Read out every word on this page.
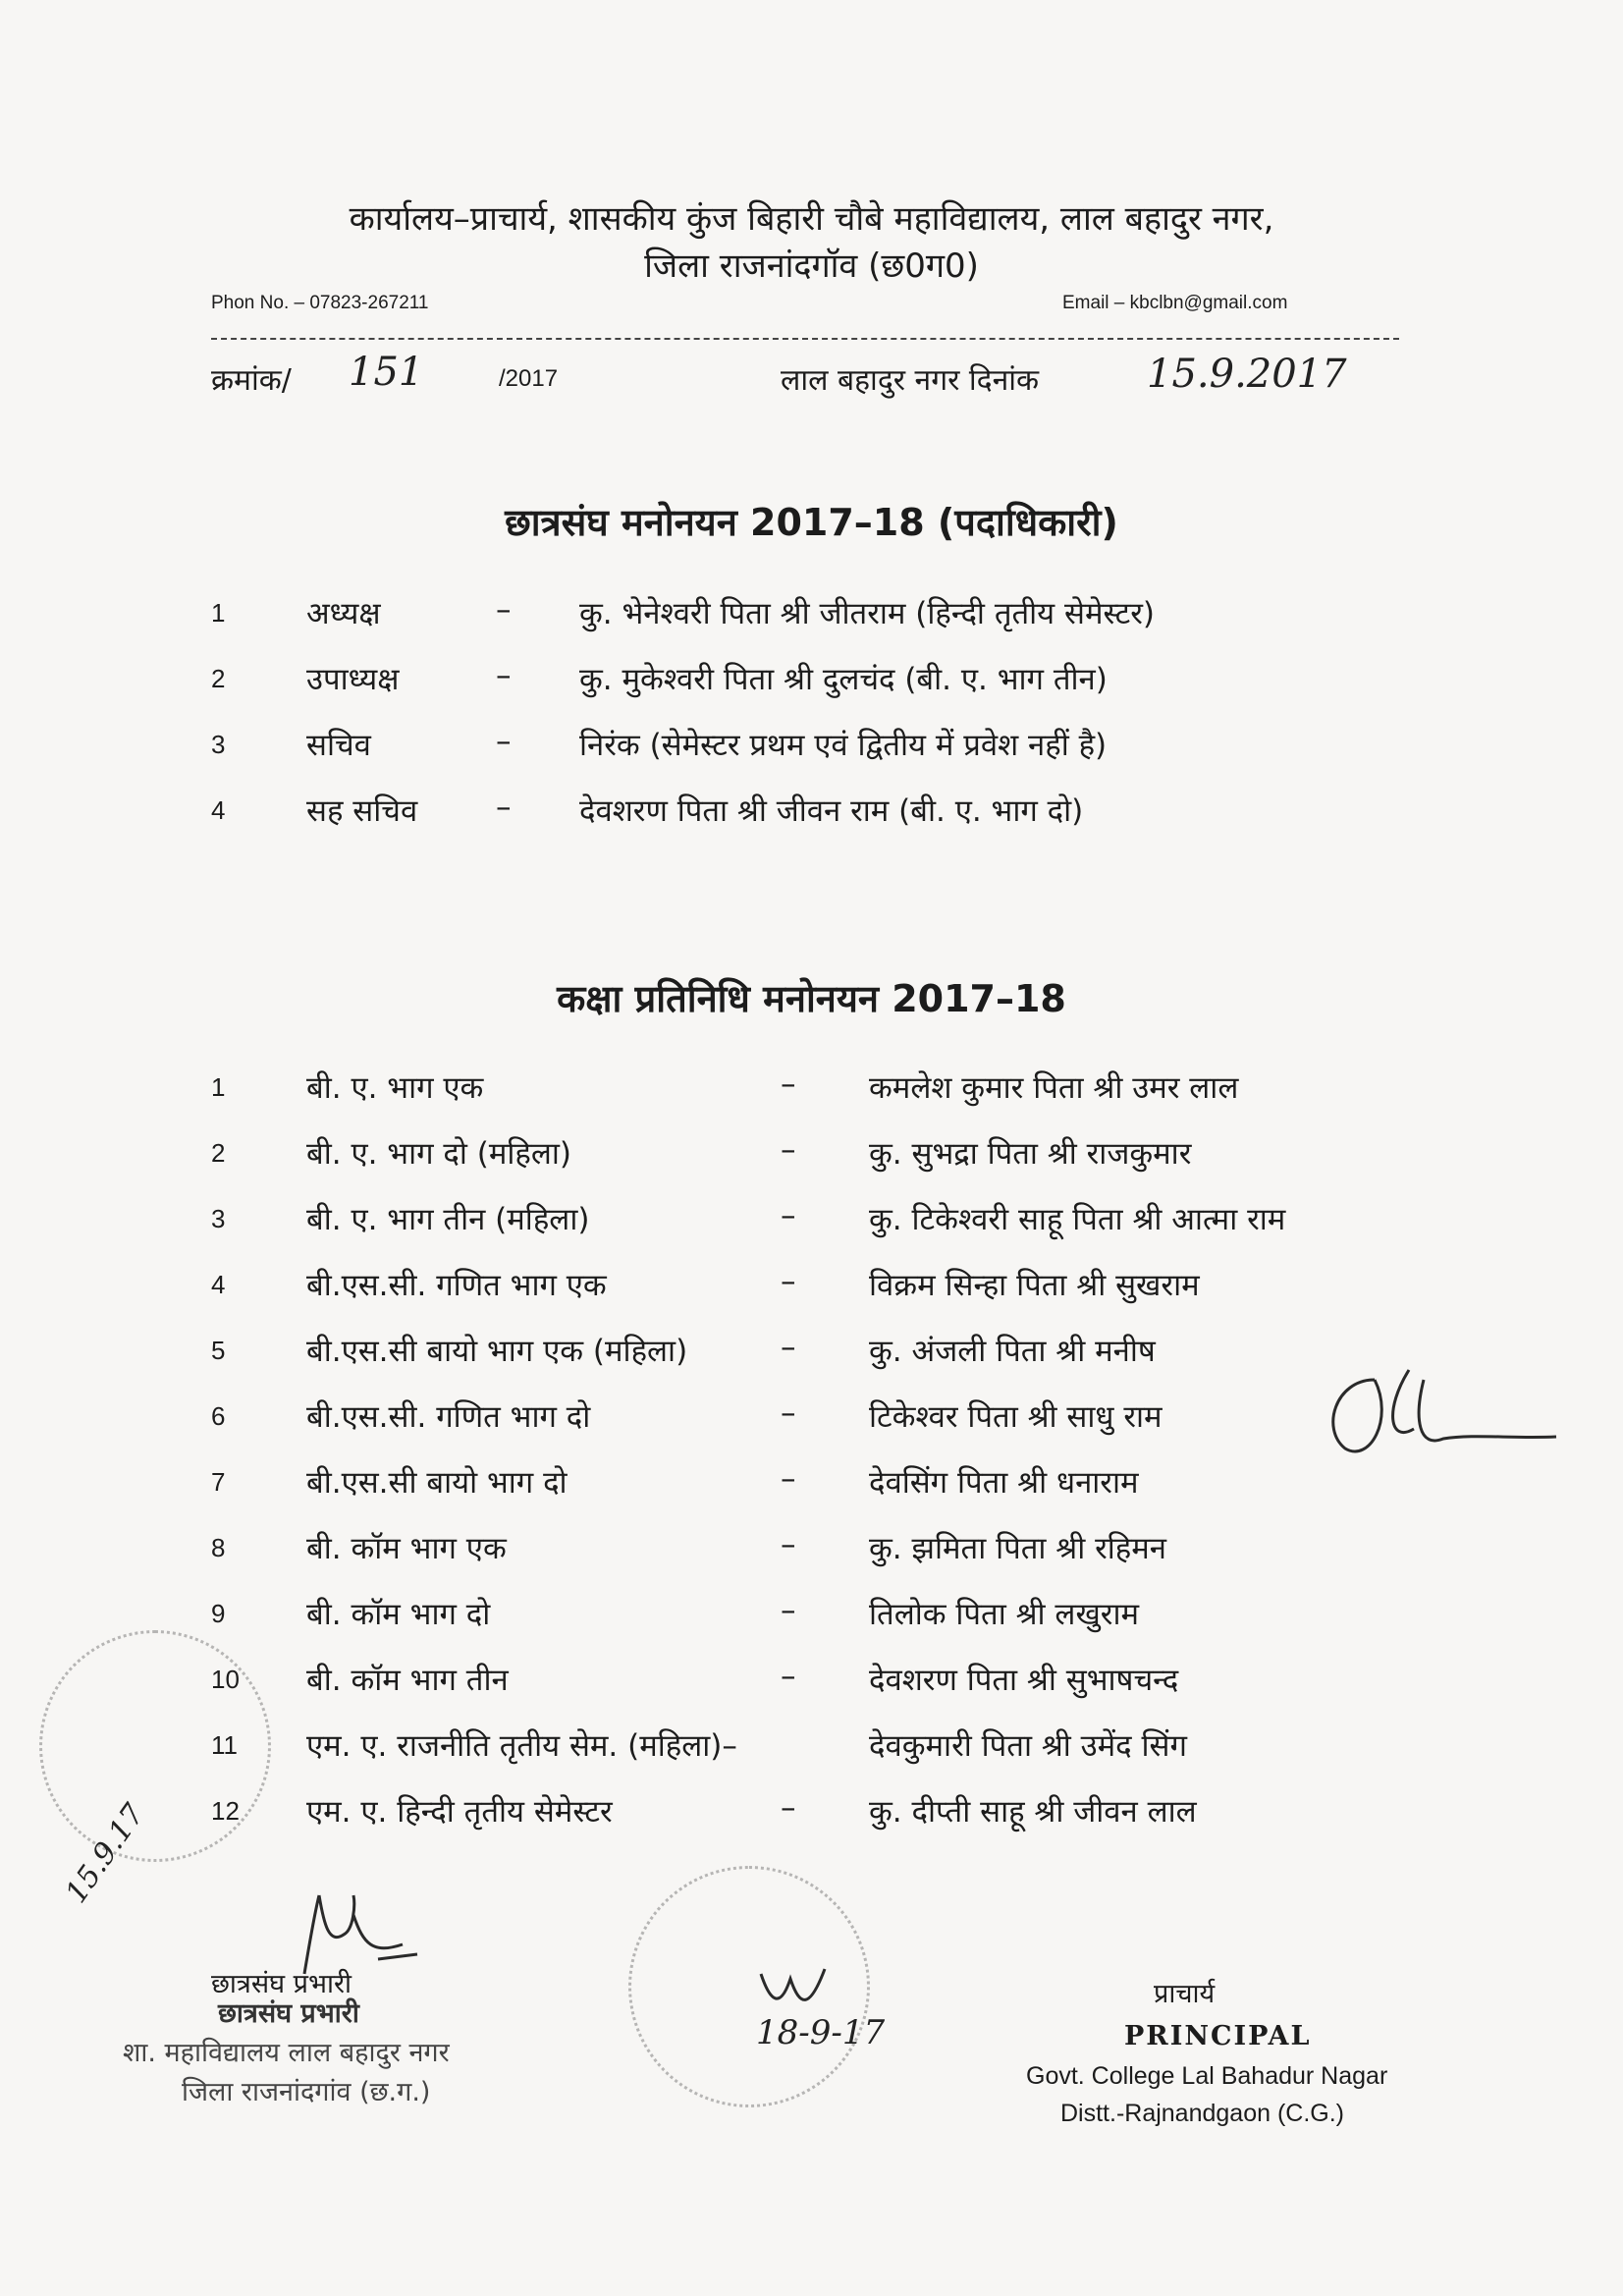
कार्यालय–प्राचार्य, शासकीय कुंज बिहारी चौबे महाविद्यालय, लाल बहादुर नगर,
जिला राजनांदगॉव (छ0ग0)
Phon No. – 07823-267211	Email – kbclbn@gmail.com
क्रमांक/ 151	/2017	लाल बहादुर नगर दिनांक	15.9.2017
छात्रसंघ मनोनयन 2017–18 (पदाधिकारी)
1	अध्यक्ष	– कु. भेनेश्वरी पिता श्री जीतराम (हिन्दी तृतीय सेमेस्टर)
2	उपाध्यक्ष	– कु. मुकेश्वरी पिता श्री दुलचंद (बी. ए. भाग तीन)
3	सचिव	– निरंक (सेमेस्टर प्रथम एवं द्वितीय में प्रवेश नहीं है)
4	सह सचिव	– देवशरण पिता श्री जीवन राम (बी. ए. भाग दो)
कक्षा प्रतिनिधि मनोनयन 2017–18
1	बी. ए. भाग एक	– कमलेश कुमार पिता श्री उमर लाल
2	बी. ए. भाग दो (महिला)	– कु. सुभद्रा पिता श्री राजकुमार
3	बी. ए. भाग तीन (महिला)	– कु. टिकेश्वरी साहू पिता श्री आत्मा राम
4	बी.एस.सी. गणित भाग एक	– विक्रम सिन्हा पिता श्री सुखराम
5	बी.एस.सी बायो भाग एक (महिला)	– कु. अंजली पिता श्री मनीष
6	बी.एस.सी. गणित भाग दो	– टिकेश्वर पिता श्री साधु राम
7	बी.एस.सी बायो भाग दो	– देवसिंग पिता श्री धनाराम
8	बी. कॉम भाग एक	– कु. झमिता पिता श्री रहिमन
9	बी. कॉम भाग दो	– तिलोक पिता श्री लखुराम
10 बी. कॉम भाग तीन	– देवशरण पिता श्री सुभाषचन्द
11 एम. ए. राजनीति तृतीय सेम. (महिला)–	देवकुमारी पिता श्री उमेंद सिंग
12 एम. ए. हिन्दी तृतीय सेमेस्टर	– कु. दीप्ती साहू श्री जीवन लाल
15.9.17
छात्रसंघ प्रभारी
छात्रसंघ प्रभारी
शा. महाविद्यालय लाल बहादुर नगर
जिला राजनांदगांव (छ.ग.)
18-9-17
प्राचार्य
PRINCIPAL
Govt. College Lal Bahadur Nagar
Distt.-Rajnandgaon (C.G.)
